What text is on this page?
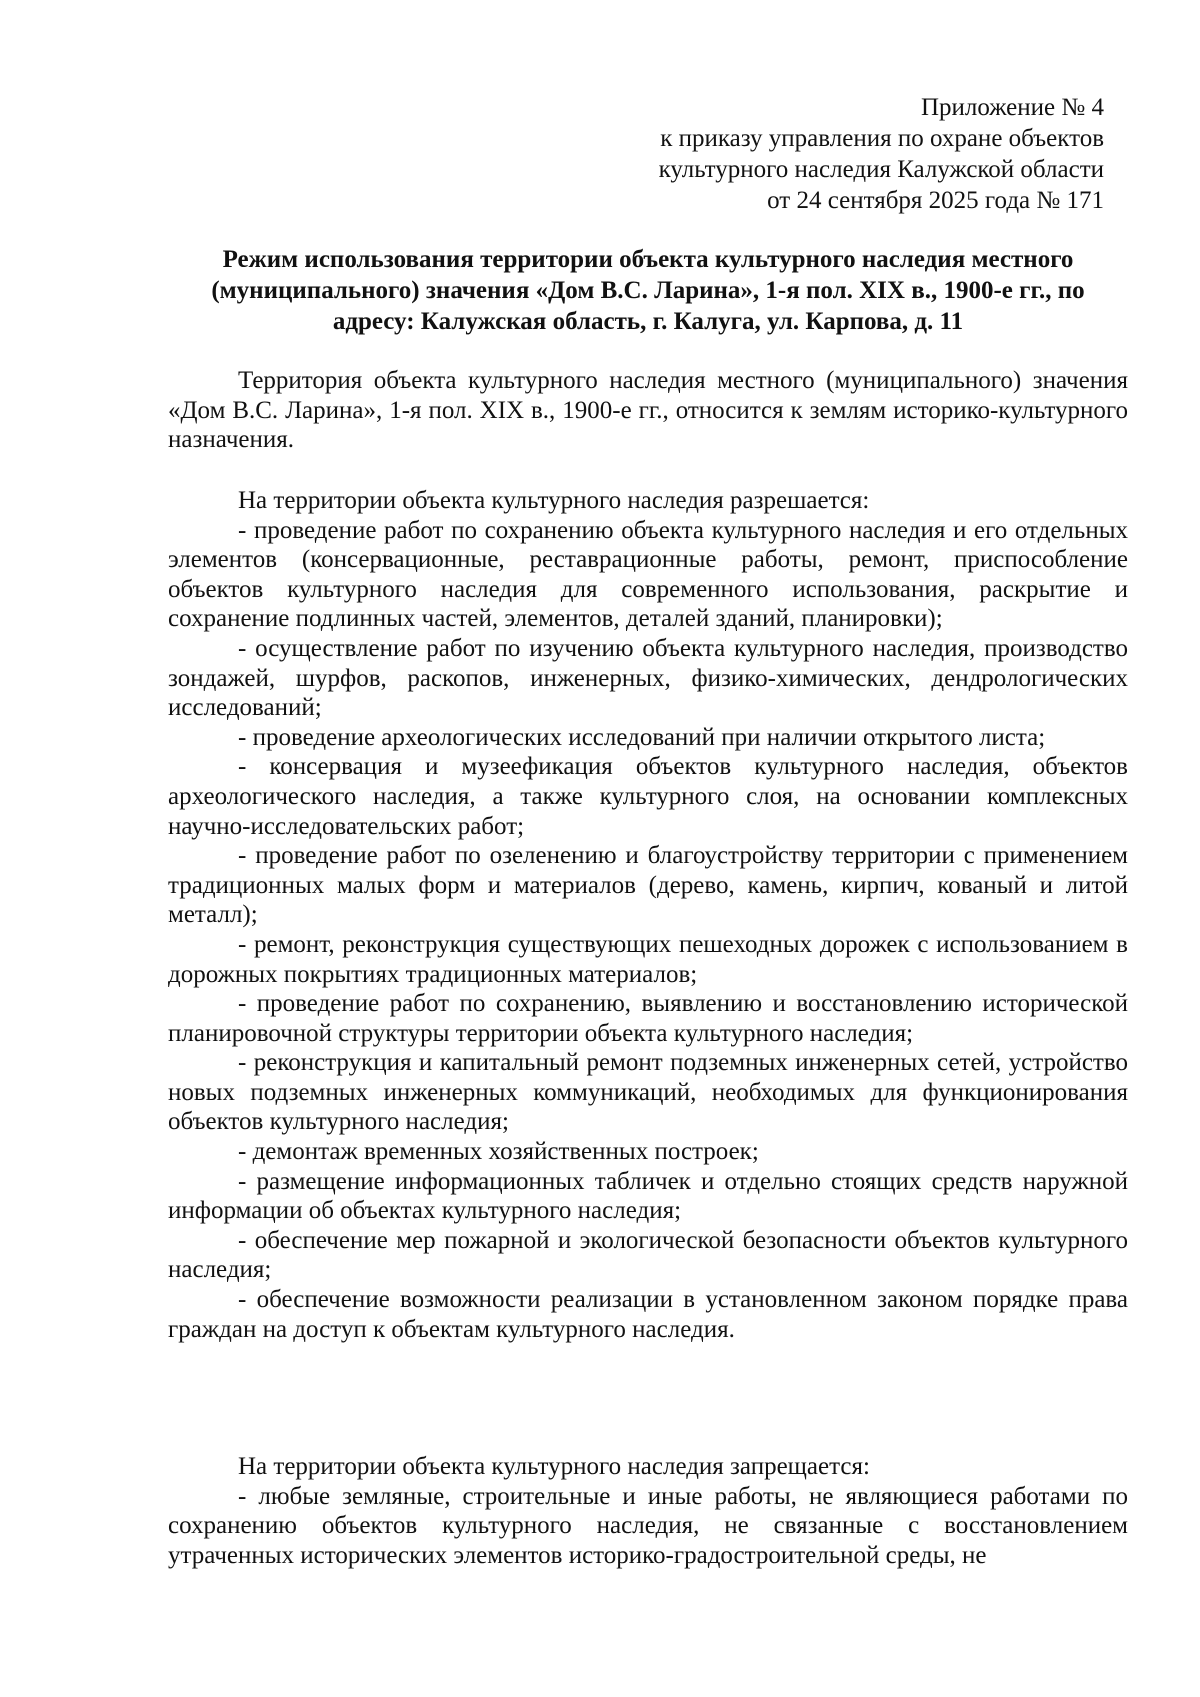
Приложение № 4
к приказу управления по охране объектов
культурного наследия Калужской области
от 24 сентября 2025 года № 171
Режим использования территории объекта культурного наследия местного (муниципального) значения «Дом В.С. Ларина», 1-я пол. XIX в., 1900-е гг., по адресу: Калужская область, г. Калуга, ул. Карпова, д. 11

Территория объекта культурного наследия местного (муниципального) значения «Дом В.С. Ларина», 1-я пол. XIX в., 1900-е гг., относится к землям историко-культурного назначения.

На территории объекта культурного наследия разрешается:

- проведение работ по сохранению объекта культурного наследия и его отдельных элементов (консервационные, реставрационные работы, ремонт, приспособление объектов культурного наследия для современного использования, раскрытие и сохранение подлинных частей, элементов, деталей зданий, планировки);

- осуществление работ по изучению объекта культурного наследия, производство зондажей, шурфов, раскопов, инженерных, физико-химических, дендрологических исследований;

- проведение археологических исследований при наличии открытого листа;

- консервация и музеефикация объектов культурного наследия, объектов археологического наследия, а также культурного слоя, на основании комплексных научно-исследовательских работ;

- проведение работ по озеленению и благоустройству территории с применением традиционных малых форм и материалов (дерево, камень, кирпич, кованый и литой металл);

- ремонт, реконструкция существующих пешеходных дорожек с использованием в дорожных покрытиях традиционных материалов;

- проведение работ по сохранению, выявлению и восстановлению исторической планировочной структуры территории объекта культурного наследия;

- реконструкция и капитальный ремонт подземных инженерных сетей, устройство новых подземных инженерных коммуникаций, необходимых для функционирования объектов культурного наследия;

- демонтаж временных хозяйственных построек;

- размещение информационных табличек и отдельно стоящих средств наружной информации об объектах культурного наследия;

- обеспечение мер пожарной и экологической безопасности объектов культурного наследия;

- обеспечение возможности реализации в установленном законом порядке права граждан на доступ к объектам культурного наследия.

На территории объекта культурного наследия запрещается:

- любые земляные, строительные и иные работы, не являющиеся работами по сохранению объектов культурного наследия, не связанные с восстановлением утраченных исторических элементов историко-градостроительной среды, не
